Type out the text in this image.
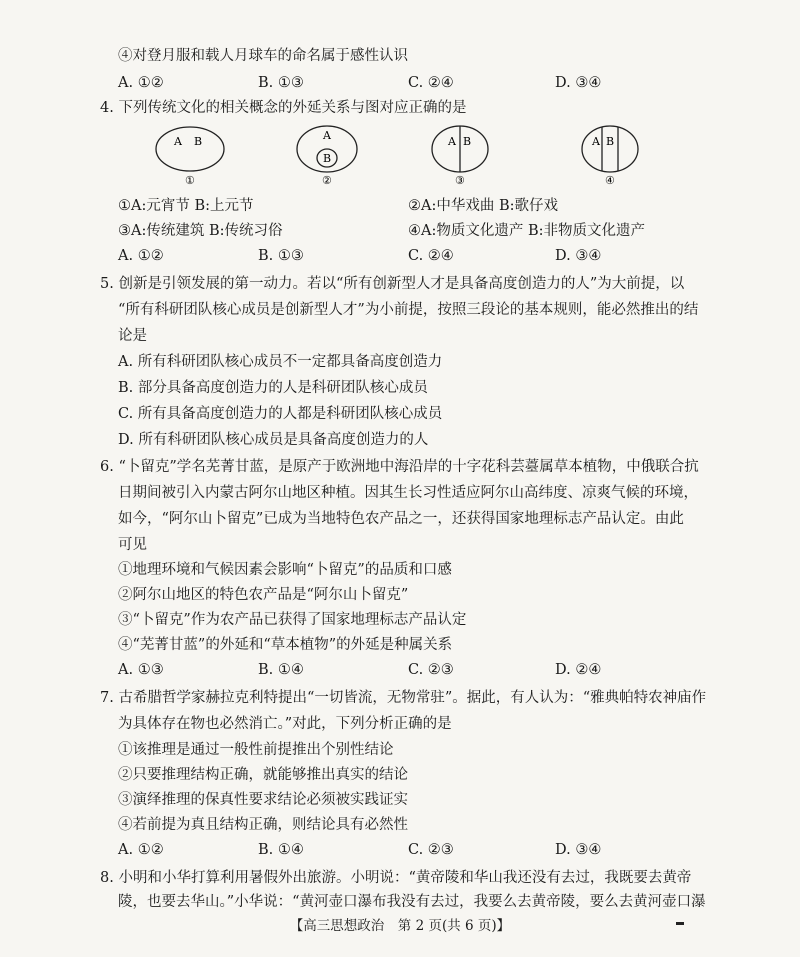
④对登月服和载人月球车的命名属于感性认识
A. ①②	B. ①③	C. ②④	D. ③④
4. 下列传统文化的相关概念的外延关系与图对应正确的是
A B
①
A
B
②
A B
③
A B
④
①A:元宵节 B:上元节	②A:中华戏曲 B:歌仔戏
③A:传统建筑 B:传统习俗	④A:物质文化遗产 B:非物质文化遗产
A. ①②	B. ①③	C. ②④	D. ③④
5. 创新是引领发展的第一动力。若以“所有创新型人才是具备高度创造力的人”为大前提，以
“所有科研团队核心成员是创新型人才”为小前提，按照三段论的基本规则，能必然推出的结
论是
A. 所有科研团队核心成员不一定都具备高度创造力
B. 部分具备高度创造力的人是科研团队核心成员
C. 所有具备高度创造力的人都是科研团队核心成员
D. 所有科研团队核心成员是具备高度创造力的人
6. “卜留克”学名芜菁甘蓝，是原产于欧洲地中海沿岸的十字花科芸薹属草本植物，中俄联合抗
日期间被引入内蒙古阿尔山地区种植。因其生长习性适应阿尔山高纬度、凉爽气候的环境，
如今，“阿尔山卜留克”已成为当地特色农产品之一，还获得国家地理标志产品认定。由此
可见
①地理环境和气候因素会影响“卜留克”的品质和口感
②阿尔山地区的特色农产品是“阿尔山卜留克”
③“卜留克”作为农产品已获得了国家地理标志产品认定
④“芜菁甘蓝”的外延和“草本植物”的外延是种属关系
A. ①③	B. ①④	C. ②③	D. ②④
7. 古希腊哲学家赫拉克利特提出“一切皆流，无物常驻”。据此，有人认为：“雅典帕特农神庙作
为具体存在物也必然消亡。”对此，下列分析正确的是
①该推理是通过一般性前提推出个别性结论
②只要推理结构正确，就能够推出真实的结论
③演绎推理的保真性要求结论必须被实践证实
④若前提为真且结构正确，则结论具有必然性
A. ①②	B. ①④	C. ②③	D. ③④
8. 小明和小华打算利用暑假外出旅游。小明说：“黄帝陵和华山我还没有去过，我既要去黄帝
陵，也要去华山。”小华说：“黄河壶口瀑布我没有去过，我要么去黄帝陵，要么去黄河壶口瀑
【高三思想政治　第 2 页(共 6 页)】
